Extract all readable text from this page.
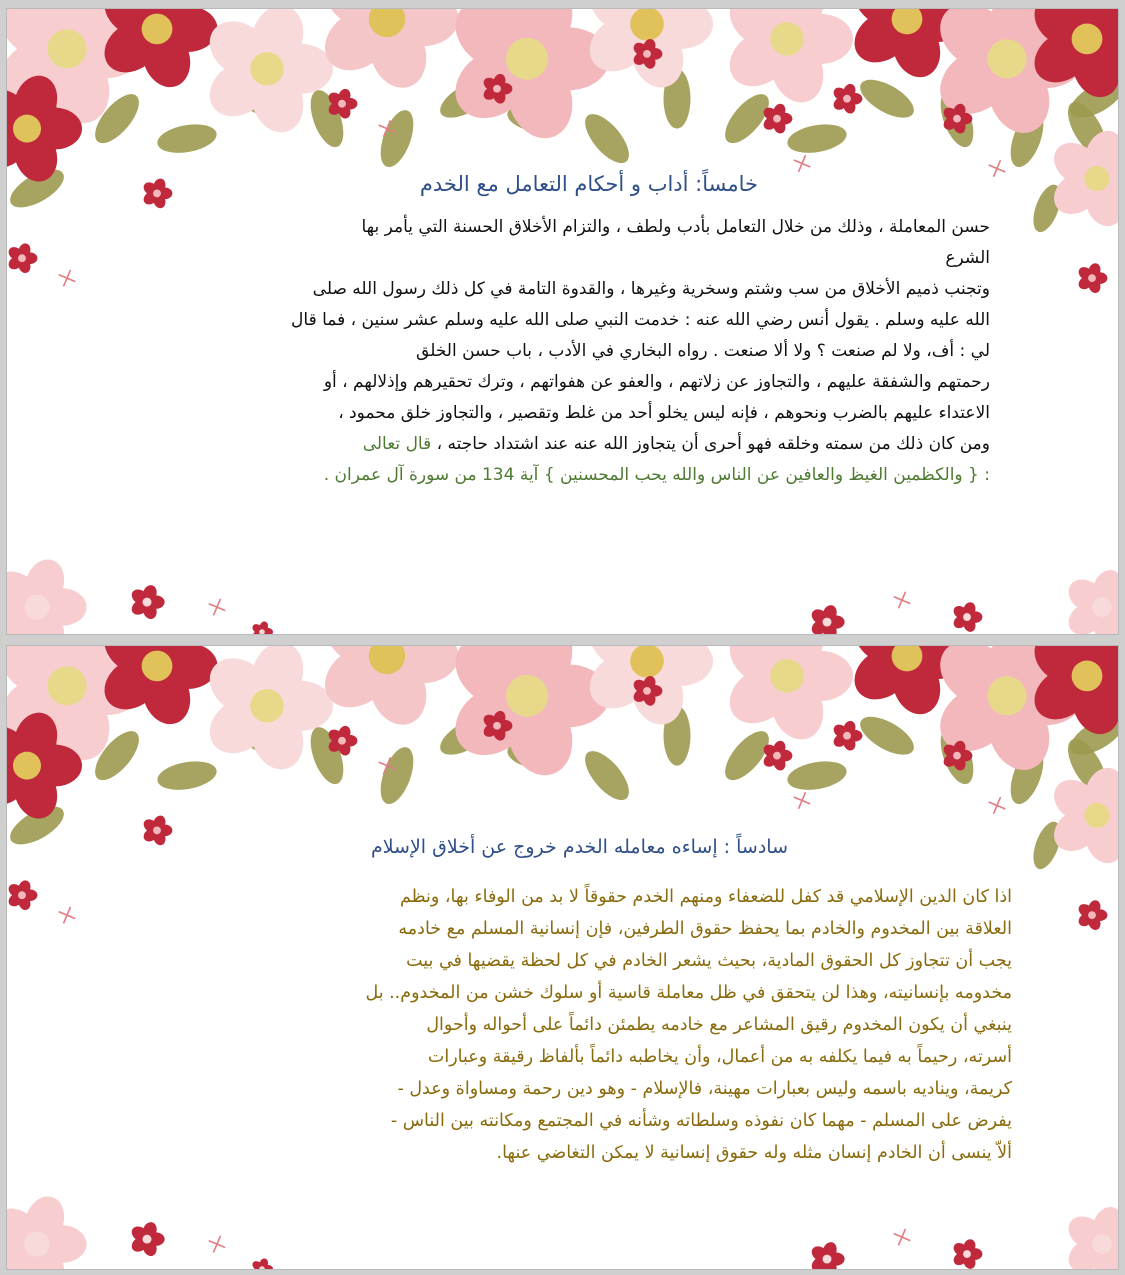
خامساً: أداب و أحكام التعامل مع الخدم
حسن المعاملة ، وذلك من خلال التعامل بأدب ولطف ، والتزام الأخلاق الحسنة التي يأمر بها
الشرع
وتجنب ذميم الأخلاق من سب وشتم وسخرية وغيرها ، والقدوة التامة في كل ذلك رسول الله صلى
الله عليه وسلم . يقول أنس رضي الله عنه : خدمت النبي صلى الله عليه وسلم عشر سنين ، فما قال
لي : أف، ولا لم صنعت ؟ ولا ألا صنعت . رواه البخاري في الأدب ، باب حسن الخلق
رحمتهم والشفقة عليهم ، والتجاوز عن زلاتهم ، والعفو عن هفواتهم ، وترك تحقيرهم وإذلالهم ، أو
الاعتداء عليهم بالضرب ونحوهم ، فإنه ليس يخلو أحد من غلط وتقصير ، والتجاوز خلق محمود ،
ومن كان ذلك من سمته وخلقه فهو أحرى أن يتجاوز الله عنه عند اشتداد حاجته ، قال تعالى
: { والكظمين الغيظ والعافين عن الناس والله يحب المحسنين } آية 134 من سورة آل عمران .
سادساً : إساءه معامله الخدم خروج عن أخلاق الإسلام
اذا كان الدين الإسلامي قد كفل للضعفاء ومنهم الخدم حقوقاً لا بد من الوفاء بها، ونظم
العلاقة بين المخدوم والخادم بما يحفظ حقوق الطرفين، فإن إنسانية المسلم مع خادمه
يجب أن تتجاوز كل الحقوق المادية، بحيث يشعر الخادم في كل لحظة يقضيها في بيت
مخدومه بإنسانيته، وهذا لن يتحقق في ظل معاملة قاسية أو سلوك خشن من المخدوم.. بل
ينبغي أن يكون المخدوم رقيق المشاعر مع خادمه يطمئن دائماً على أحواله وأحوال
أسرته، رحيماً به فيما يكلفه به من أعمال، وأن يخاطبه دائماً بألفاظ رقيقة وعبارات
كريمة، ويناديه باسمه وليس بعبارات مهينة، فالإسلام - وهو دين رحمة ومساواة وعدل -
يفرض على المسلم - مهما كان نفوذه وسلطاته وشأنه في المجتمع ومكانته بين الناس -
ألاّ ينسى أن الخادم إنسان مثله وله حقوق إنسانية لا يمكن التغاضي عنها.
